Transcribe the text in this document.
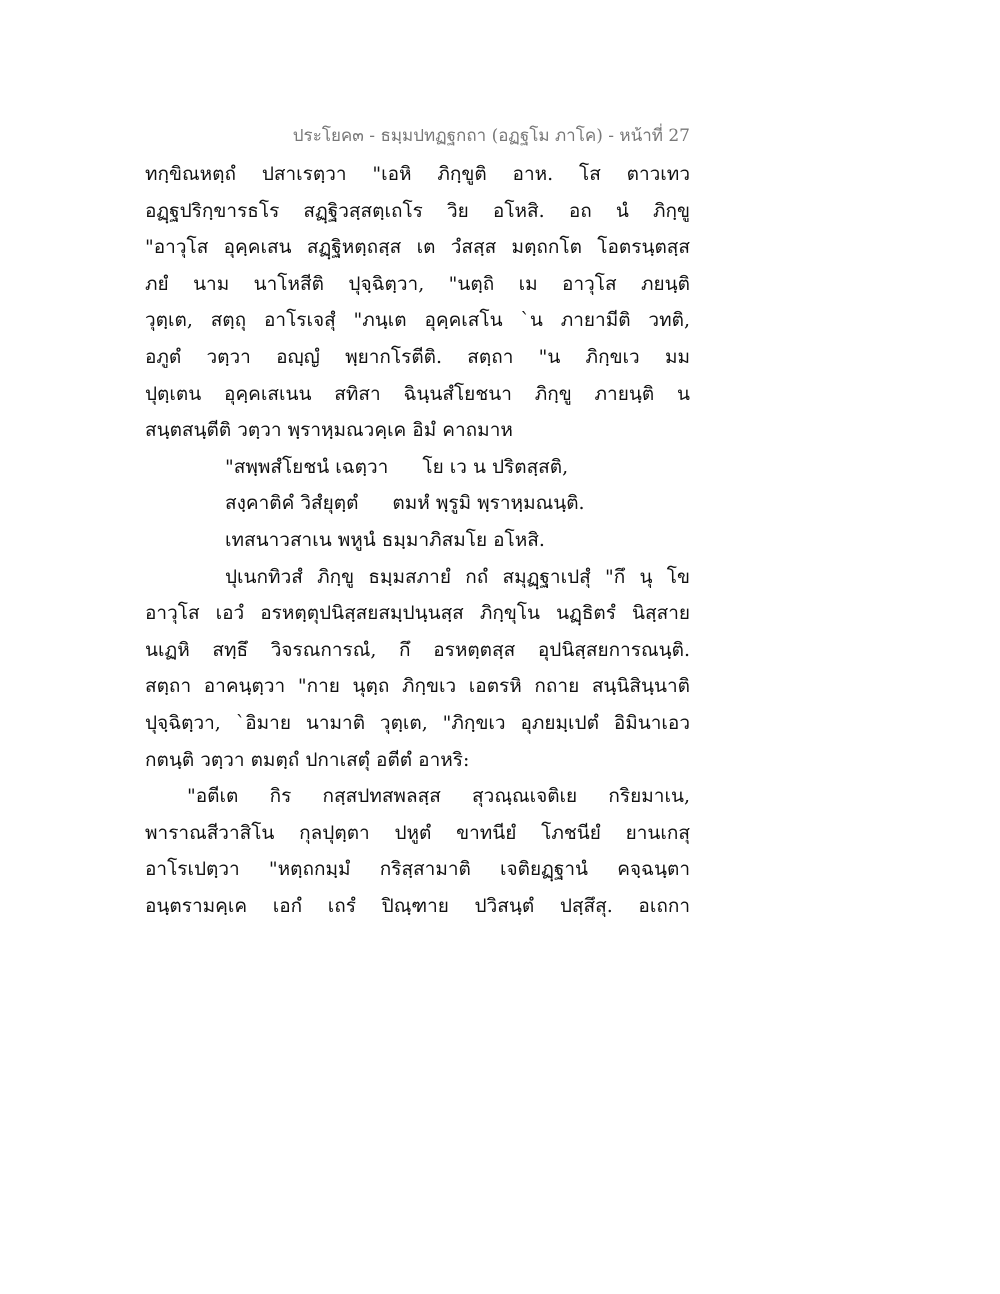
ประโยค๓ - ธมฺมปทฏฐกถา (อฏฐโม ภาโค) - หน้าที่ 27
ทกฺขิณหตฺถํ ปสาเรตฺวา "เอหิ ภิกฺขูติ อาห. โส ตาวเทว
อฏฺฐปริกฺขารธโร สฏฺฐิวสฺสตฺเถโร วิย อโหสิ. อถ นํ ภิกฺขู
"อาวุโส อุคฺคเสน สฏฺฐิหตฺถสฺส เต วํสสฺส มตฺถกโต โอตรนฺตสฺส
ภยํ นาม นาโหสีติ ปุจฺฉิตฺวา, "นตฺถิ เม อาวุโส ภยนฺติ
วุตฺเต, สตฺถุ อาโรเจสุํ "ภนฺเต อุคฺคเสโน `น ภายามีติ วทติ,
อภูตํ วตฺวา อญฺญํ พฺยากโรตีติ. สตฺถา "น ภิกฺขเว มม
ปุตฺเตน อุคฺคเสเนน สทิสา ฉินฺนสํโยชนา ภิกฺขู ภายนฺติ น
สนฺตสนฺตีติ วตฺวา พฺราหฺมณวคฺเค อิมํ คาถมาห
"สพฺพสํโยชนํ เฉตฺวา โย เว น ปริตสฺสติ,
สงฺคาติคํ วิสํยุตฺตํ ตมหํ พฺรูมิ พฺราหฺมณนฺติ.
เทสนาวสาเน พหูนํ ธมฺมาภิสมโย อโหสิ.
ปุเนกทิวสํ ภิกฺขู ธมฺมสภายํ กถํ สมุฏฺฐาเปสุํ "กึ นุ โข
อาวุโส เอวํ อรหตฺตุปนิสฺสยสมฺปนฺนสฺส ภิกฺขุโน นฏฺธิตรํ นิสฺสาย
นเฏหิ สทฺธึ วิจรณการณํ, กึ อรหตฺตสฺส อุปนิสฺสยการณนฺติ.
สตฺถา อาคนฺตฺวา "กาย นุตฺถ ภิกฺขเว เอตรหิ กถาย สนฺนิสินฺนาติ
ปุจฺฉิตฺวา, `อิมาย นามาติ วุตฺเต, "ภิกฺขเว อุภยมฺเปตํ อิมินาเอว
กตนฺติ วตฺวา ตมตฺถํ ปกาเสตุํ อตีตํ อาหริ:
"อตีเต กิร กสฺสปทสพลสฺส สุวณฺณเจติเย กริยมาเน,
พาราณสีวาสิโน กุลปุตฺตา ปหูตํ ขาทนียํ โภชนียํ ยานเกสุ
อาโรเปตฺวา "หตฺถกมฺมํ กริสฺสามาติ เจติยฏฺฐานํ คจฺฉนฺตา
อนฺตรามคฺเค เอกํ เถรํ ปิณฺฑาย ปวิสนฺตํ ปสฺสึสุ. อเถกา
